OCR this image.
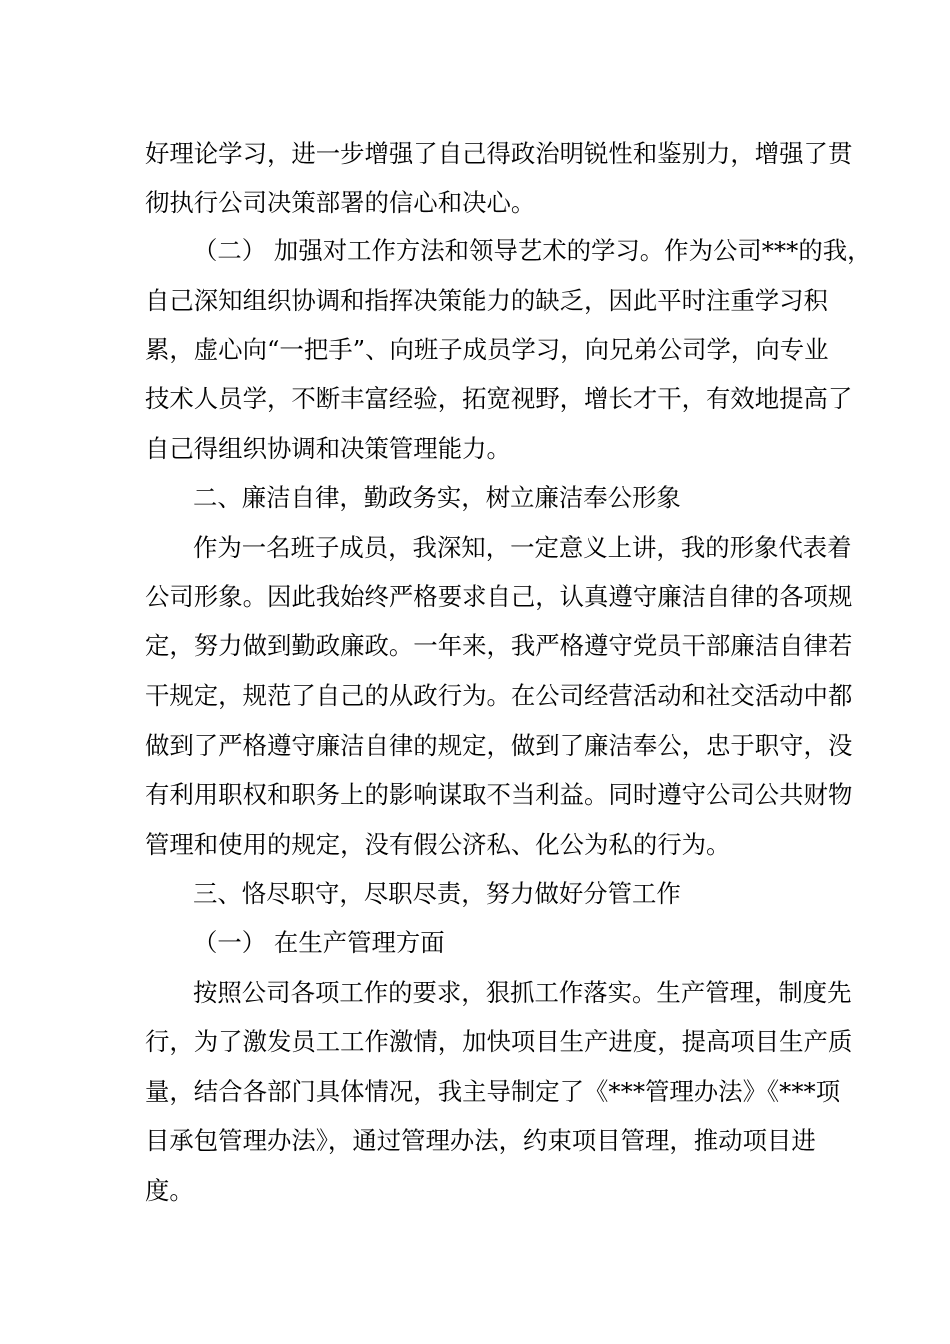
好理论学习，进一步增强了自己得政治明锐性和鉴别力，增强了贯
彻执行公司决策部署的信心和决心。
（二） 加强对工作方法和领导艺术的学习。作为公司***的我，
自己深知组织协调和指挥决策能力的缺乏，因此平时注重学习积
累，虚心向“一把手”、向班子成员学习，向兄弟公司学，向专业
技术人员学，不断丰富经验，拓宽视野，增长才干，有效地提高了
自己得组织协调和决策管理能力。
二、廉洁自律，勤政务实，树立廉洁奉公形象
作为一名班子成员，我深知，一定意义上讲，我的形象代表着
公司形象。因此我始终严格要求自己，认真遵守廉洁自律的各项规
定，努力做到勤政廉政。一年来，我严格遵守党员干部廉洁自律若
干规定，规范了自己的从政行为。在公司经营活动和社交活动中都
做到了严格遵守廉洁自律的规定，做到了廉洁奉公，忠于职守，没
有利用职权和职务上的影响谋取不当利益。同时遵守公司公共财物
管理和使用的规定，没有假公济私、化公为私的行为。
三、恪尽职守，尽职尽责，努力做好分管工作
（一） 在生产管理方面
按照公司各项工作的要求，狠抓工作落实。生产管理，制度先
行，为了激发员工工作激情，加快项目生产进度，提高项目生产质
量，结合各部门具体情况，我主导制定了《***管理办法》《***项
目承包管理办法》，通过管理办法，约束项目管理，推动项目进
度。
